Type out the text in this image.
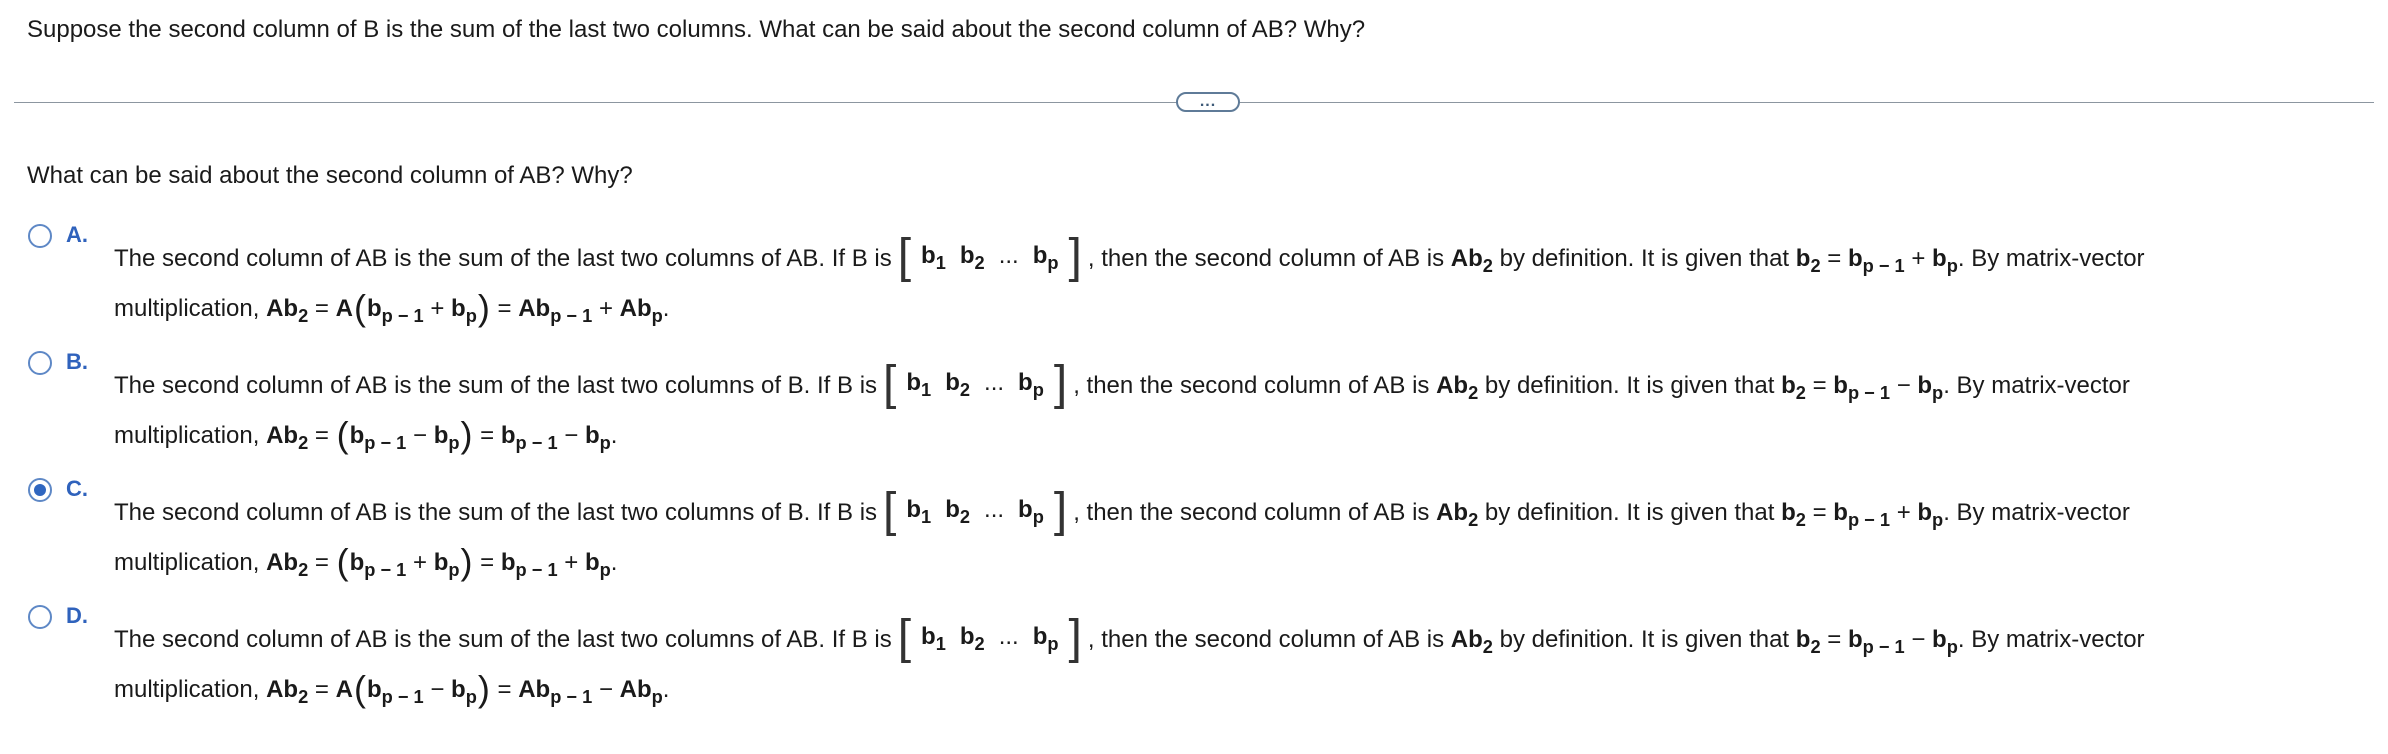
Suppose the second column of B is the sum of the last two columns. What can be said about the second column of AB? Why?
...
What can be said about the second column of AB? Why?
A.
The second column of AB is the sum of the last two columns of AB. If B is [ $b_1$ $b_2$ ... $b_p$ ] , then the second column of AB is $Ab_2$ by definition. It is given that $b_2 = b_{p - 1} + b_p$. By matrix-vector
multiplication, $Ab_2 = A(b_{p - 1} + b_p) = Ab_{p - 1} + Ab_p$.
B.
The second column of AB is the sum of the last two columns of B. If B is [ $b_1$ $b_2$ ... $b_p$ ] , then the second column of AB is $Ab_2$ by definition. It is given that $b_2 = b_{p - 1} - b_p$. By matrix-vector
multiplication, $Ab_2 = (b_{p - 1} - b_p) = b_{p - 1} - b_p$.
C.
The second column of AB is the sum of the last two columns of B. If B is [ $b_1$ $b_2$ ... $b_p$ ] , then the second column of AB is $Ab_2$ by definition. It is given that $b_2 = b_{p - 1} + b_p$. By matrix-vector
multiplication, $Ab_2 = (b_{p - 1} + b_p) = b_{p - 1} + b_p$.
D.
The second column of AB is the sum of the last two columns of AB. If B is [ $b_1$ $b_2$ ... $b_p$ ] , then the second column of AB is $Ab_2$ by definition. It is given that $b_2 = b_{p - 1} - b_p$. By matrix-vector
multiplication, $Ab_2 = A(b_{p - 1} - b_p) = Ab_{p - 1} - Ab_p$.
